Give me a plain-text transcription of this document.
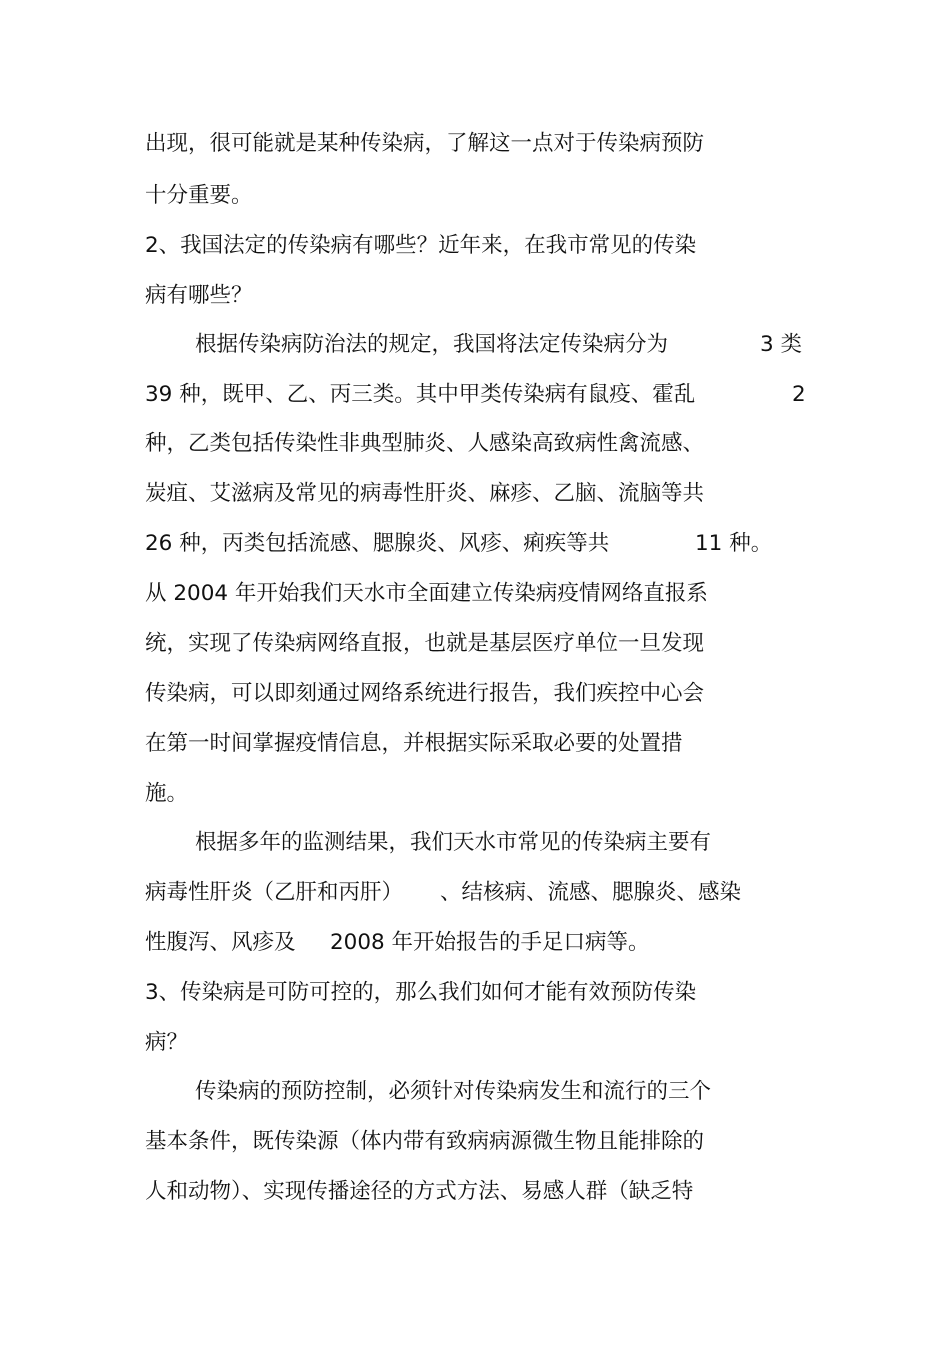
出现，很可能就是某种传染病，了解这一点对于传染病预防
十分重要。
2、我国法定的传染病有哪些？近年来，在我市常见的传染
病有哪些？
根据传染病防治法的规定，我国将法定传染病分为	3 类
39 种，既甲、乙、丙三类。其中甲类传染病有鼠疫、霍乱	2
种，乙类包括传染性非典型肺炎、人感染高致病性禽流感、
炭疽、艾滋病及常见的病毒性肝炎、麻疹、乙脑、流脑等共
26 种，丙类包括流感、腮腺炎、风疹、痢疾等共	11 种。
从 2004 年开始我们天水市全面建立传染病疫情网络直报系
统，实现了传染病网络直报，也就是基层医疗单位一旦发现
传染病，可以即刻通过网络系统进行报告，我们疾控中心会
在第一时间掌握疫情信息，并根据实际采取必要的处置措
施。
根据多年的监测结果，我们天水市常见的传染病主要有
病毒性肝炎（乙肝和丙肝） 、结核病、流感、腮腺炎、感染
性腹泻、风疹及 2008 年开始报告的手足口病等。
3、传染病是可防可控的，那么我们如何才能有效预防传染
病？
传染病的预防控制，必须针对传染病发生和流行的三个
基本条件，既传染源（体内带有致病病源微生物且能排除的
人和动物）、实现传播途径的方式方法、易感人群（缺乏特
